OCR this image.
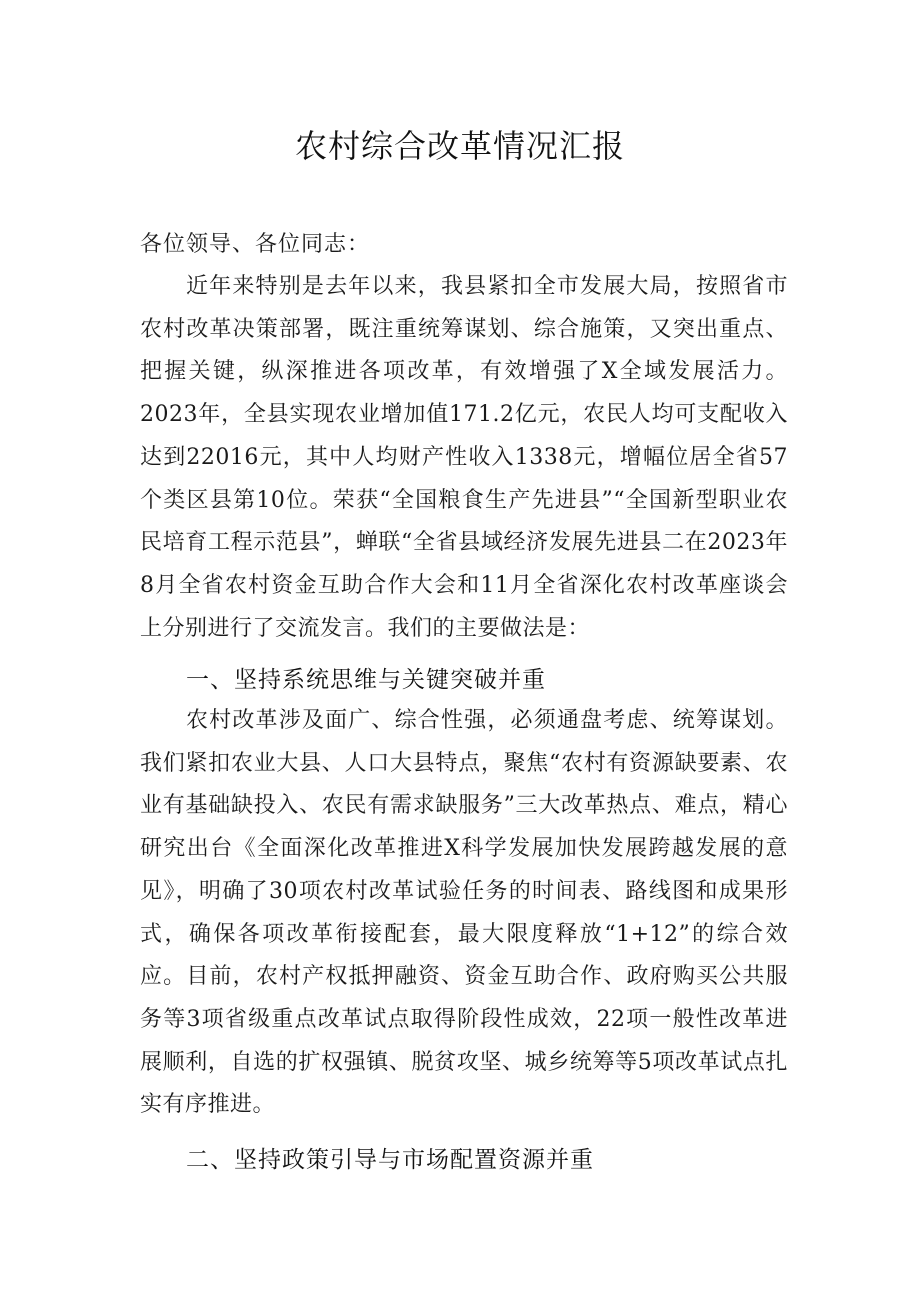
农村综合改革情况汇报
各位领导、各位同志：

近年来特别是去年以来，我县紧扣全市发展大局，按照省市农村改革决策部署，既注重统筹谋划、综合施策，又突出重点、把握关键，纵深推进各项改革，有效增强了X全域发展活力。2023年，全县实现农业增加值171.2亿元，农民人均可支配收入达到22016元，其中人均财产性收入1338元，增幅位居全省57个类区县第10位。荣获“全国粮食生产先进县”“全国新型职业农民培育工程示范县”，蝉联“全省县域经济发展先进县二在2023年8月全省农村资金互助合作大会和11月全省深化农村改革座谈会上分别进行了交流发言。我们的主要做法是：

一、坚持系统思维与关键突破并重

农村改革涉及面广、综合性强，必须通盘考虑、统筹谋划。我们紧扣农业大县、人口大县特点，聚焦“农村有资源缺要素、农业有基础缺投入、农民有需求缺服务”三大改革热点、难点，精心研究出台《全面深化改革推进X科学发展加快发展跨越发展的意见》，明确了30项农村改革试验任务的时间表、路线图和成果形式，确保各项改革衔接配套，最大限度释放“1+12”的综合效应。目前，农村产权抵押融资、资金互助合作、政府购买公共服务等3项省级重点改革试点取得阶段性成效，22项一般性改革进展顺利，自选的扩权强镇、脱贫攻坚、城乡统筹等5项改革试点扎实有序推进。

二、坚持政策引导与市场配置资源并重
